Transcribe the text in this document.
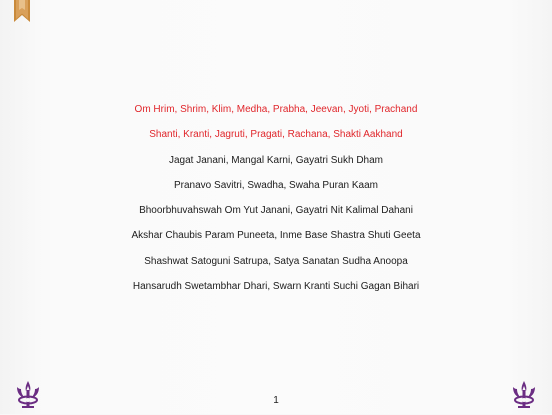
Om Hrim, Shrim, Klim, Medha, Prabha, Jeevan, Jyoti, Prachand
Shanti, Kranti, Jagruti, Pragati, Rachana, Shakti Aakhand
Jagat Janani, Mangal Karni, Gayatri Sukh Dham
Pranavo Savitri, Swadha, Swaha Puran Kaam
Bhoorbhuvahswah Om Yut Janani, Gayatri Nit Kalimal Dahani
Akshar Chaubis Param Puneeta, Inme Base Shastra Shuti Geeta
Shashwat Satoguni Satrupa, Satya Sanatan Sudha Anoopa
Hansarudh Swetambhar Dhari, Swarn Kranti Suchi Gagan Bihari
1
